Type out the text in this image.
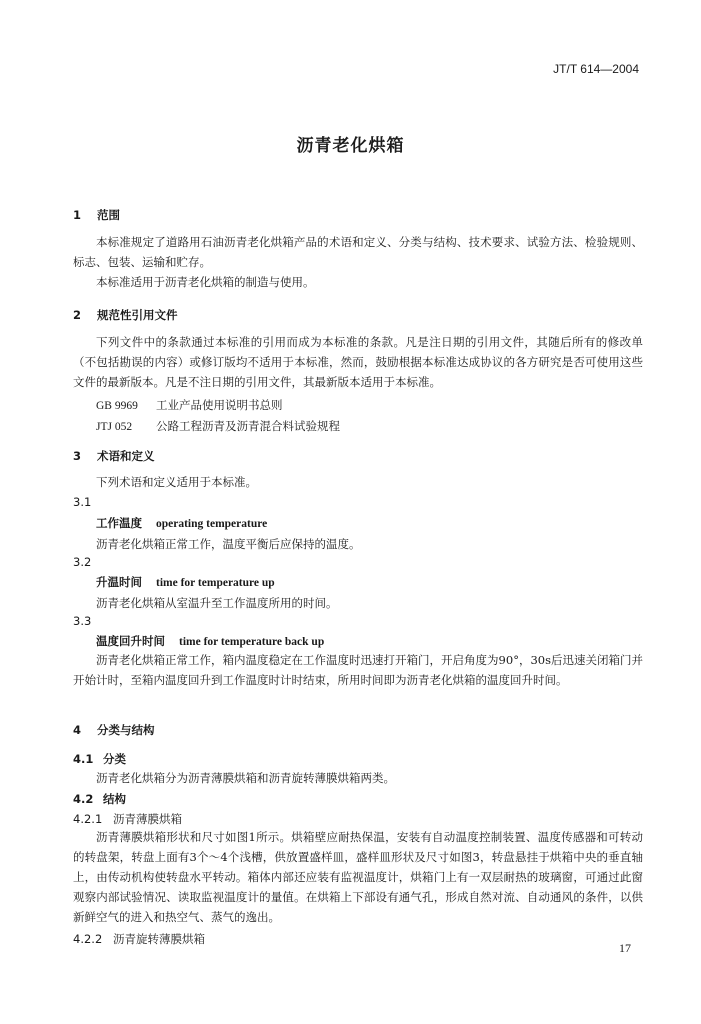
JT/T 614—2004
沥青老化烘箱
1 范围
本标准规定了道路用石油沥青老化烘箱产品的术语和定义、分类与结构、技术要求、试验方法、检验规则、标志、包装、运输和贮存。
本标准适用于沥青老化烘箱的制造与使用。
2 规范性引用文件
下列文件中的条款通过本标准的引用而成为本标准的条款。凡是注日期的引用文件，其随后所有的修改单（不包括勘误的内容）或修订版均不适用于本标准，然而，鼓励根据本标准达成协议的各方研究是否可使用这些文件的最新版本。凡是不注日期的引用文件，其最新版本适用于本标准。
GB 9969 工业产品使用说明书总则
JTJ 052 公路工程沥青及沥青混合料试验规程
3 术语和定义
下列术语和定义适用于本标准。
3.1
工作温度 operating temperature
沥青老化烘箱正常工作，温度平衡后应保持的温度。
3.2
升温时间 time for temperature up
沥青老化烘箱从室温升至工作温度所用的时间。
3.3
温度回升时间 time for temperature back up
沥青老化烘箱正常工作，箱内温度稳定在工作温度时迅速打开箱门，开启角度为90°，30s后迅速关闭箱门并开始计时，至箱内温度回升到工作温度时计时结束，所用时间即为沥青老化烘箱的温度回升时间。
4 分类与结构
4.1 分类
沥青老化烘箱分为沥青薄膜烘箱和沥青旋转薄膜烘箱两类。
4.2 结构
4.2.1 沥青薄膜烘箱
沥青薄膜烘箱形状和尺寸如图1所示。烘箱壁应耐热保温，安装有自动温度控制装置、温度传感器和可转动的转盘架，转盘上面有3个～4个浅槽，供放置盛样皿，盛样皿形状及尺寸如图3，转盘悬挂于烘箱中央的垂直轴上，由传动机构使转盘水平转动。箱体内部还应装有监视温度计，烘箱门上有一双层耐热的玻璃窗，可通过此窗观察内部试验情况、读取监视温度计的量值。在烘箱上下部设有通气孔，形成自然对流、自动通风的条件，以供新鲜空气的进入和热空气、蒸气的逸出。
4.2.2 沥青旋转薄膜烘箱
17
